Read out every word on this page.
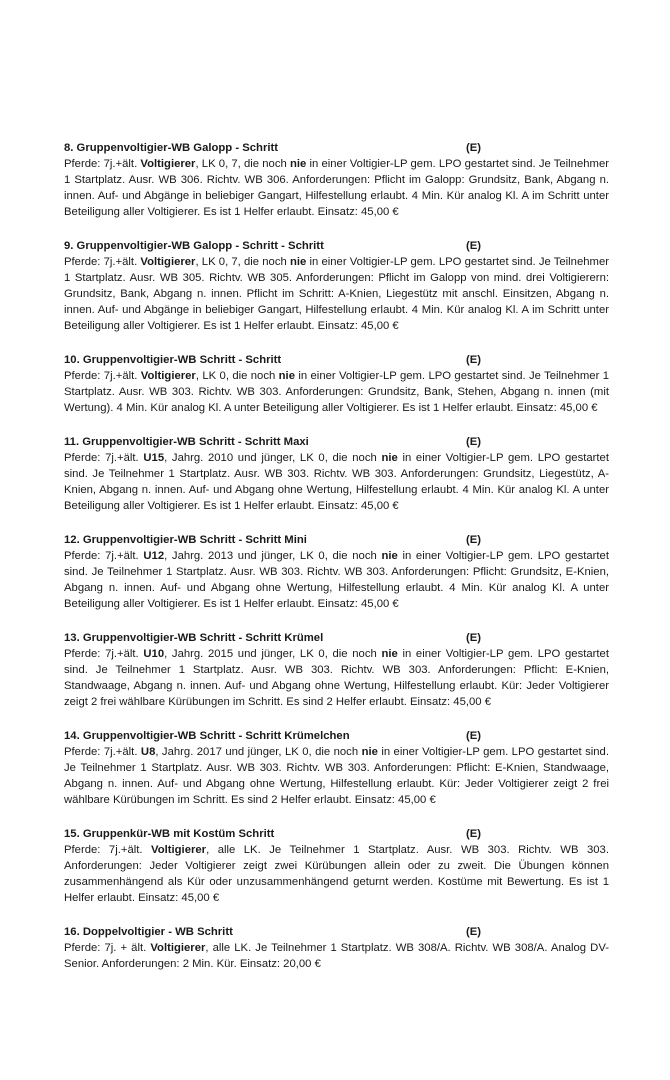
8. Gruppenvoltigier-WB Galopp - Schritt	(E)
Pferde: 7j.+ält. Voltigierer, LK 0, 7, die noch nie in einer Voltigier-LP gem. LPO gestartet sind. Je Teilnehmer 1 Startplatz. Ausr. WB 306. Richtv. WB 306. Anforderungen: Pflicht im Galopp: Grundsitz, Bank, Abgang n. innen. Auf- und Abgänge in beliebiger Gangart, Hilfestellung erlaubt. 4 Min. Kür analog Kl. A im Schritt unter Beteiligung aller Voltigierer. Es ist 1 Helfer erlaubt. Einsatz: 45,00 €
9. Gruppenvoltigier-WB Galopp - Schritt - Schritt	(E)
Pferde: 7j.+ält. Voltigierer, LK 0, 7, die noch nie in einer Voltigier-LP gem. LPO gestartet sind. Je Teilnehmer 1 Startplatz. Ausr. WB 305. Richtv. WB 305. Anforderungen: Pflicht im Galopp von mind. drei Voltigierern: Grundsitz, Bank, Abgang n. innen. Pflicht im Schritt: A-Knien, Liegestütz mit anschl. Einsitzen, Abgang n. innen. Auf- und Abgänge in beliebiger Gangart, Hilfestellung erlaubt. 4 Min. Kür analog Kl. A im Schritt unter Beteiligung aller Voltigierer. Es ist 1 Helfer erlaubt. Einsatz: 45,00 €
10. Gruppenvoltigier-WB Schritt - Schritt	(E)
Pferde: 7j.+ält. Voltigierer, LK 0, die noch nie in einer Voltigier-LP gem. LPO gestartet sind. Je Teilnehmer 1 Startplatz. Ausr. WB 303. Richtv. WB 303. Anforderungen: Grundsitz, Bank, Stehen, Abgang n. innen (mit Wertung). 4 Min. Kür analog Kl. A unter Beteiligung aller Voltigierer. Es ist 1 Helfer erlaubt. Einsatz: 45,00 €
11. Gruppenvoltigier-WB Schritt - Schritt Maxi	(E)
Pferde: 7j.+ält. U15, Jahrg. 2010 und jünger, LK 0, die noch nie in einer Voltigier-LP gem. LPO gestartet sind. Je Teilnehmer 1 Startplatz. Ausr. WB 303. Richtv. WB 303. Anforderungen: Grundsitz, Liegestütz, A-Knien, Abgang n. innen. Auf- und Abgang ohne Wertung, Hilfestellung erlaubt. 4 Min. Kür analog Kl. A unter Beteiligung aller Voltigierer. Es ist 1 Helfer erlaubt. Einsatz: 45,00 €
12. Gruppenvoltigier-WB Schritt - Schritt Mini	(E)
Pferde: 7j.+ält. U12, Jahrg. 2013 und jünger, LK 0, die noch nie in einer Voltigier-LP gem. LPO gestartet sind. Je Teilnehmer 1 Startplatz. Ausr. WB 303. Richtv. WB 303. Anforderungen: Pflicht: Grundsitz, E-Knien, Abgang n. innen. Auf- und Abgang ohne Wertung, Hilfestellung erlaubt. 4 Min. Kür analog Kl. A unter Beteiligung aller Voltigierer. Es ist 1 Helfer erlaubt. Einsatz: 45,00 €
13. Gruppenvoltigier-WB Schritt - Schritt Krümel	(E)
Pferde: 7j.+ält. U10, Jahrg. 2015 und jünger, LK 0, die noch nie in einer Voltigier-LP gem. LPO gestartet sind. Je Teilnehmer 1 Startplatz. Ausr. WB 303. Richtv. WB 303. Anforderungen: Pflicht: E-Knien, Standwaage, Abgang n. innen. Auf- und Abgang ohne Wertung, Hilfestellung erlaubt. Kür: Jeder Voltigierer zeigt 2 frei wählbare Kürübungen im Schritt. Es sind 2 Helfer erlaubt. Einsatz: 45,00 €
14. Gruppenvoltigier-WB Schritt - Schritt Krümelchen	(E)
Pferde: 7j.+ält. U8, Jahrg. 2017 und jünger, LK 0, die noch nie in einer Voltigier-LP gem. LPO gestartet sind. Je Teilnehmer 1 Startplatz. Ausr. WB 303. Richtv. WB 303. Anforderungen: Pflicht: E-Knien, Standwaage, Abgang n. innen. Auf- und Abgang ohne Wertung, Hilfestellung erlaubt. Kür: Jeder Voltigierer zeigt 2 frei wählbare Kürübungen im Schritt. Es sind 2 Helfer erlaubt. Einsatz: 45,00 €
15. Gruppenkür-WB mit Kostüm Schritt	(E)
Pferde: 7j.+ält. Voltigierer, alle LK. Je Teilnehmer 1 Startplatz. Ausr. WB 303. Richtv. WB 303. Anforderungen: Jeder Voltigierer zeigt zwei Kürübungen allein oder zu zweit. Die Übungen können zusammenhängend als Kür oder unzusammenhängend geturnt werden. Kostüme mit Bewertung. Es ist 1 Helfer erlaubt. Einsatz: 45,00 €
16. Doppelvoltigier - WB Schritt	(E)
Pferde: 7j. + ält. Voltigierer, alle LK. Je Teilnehmer 1 Startplatz. WB 308/A. Richtv. WB 308/A. Analog DV-Senior. Anforderungen: 2 Min. Kür. Einsatz: 20,00 €
